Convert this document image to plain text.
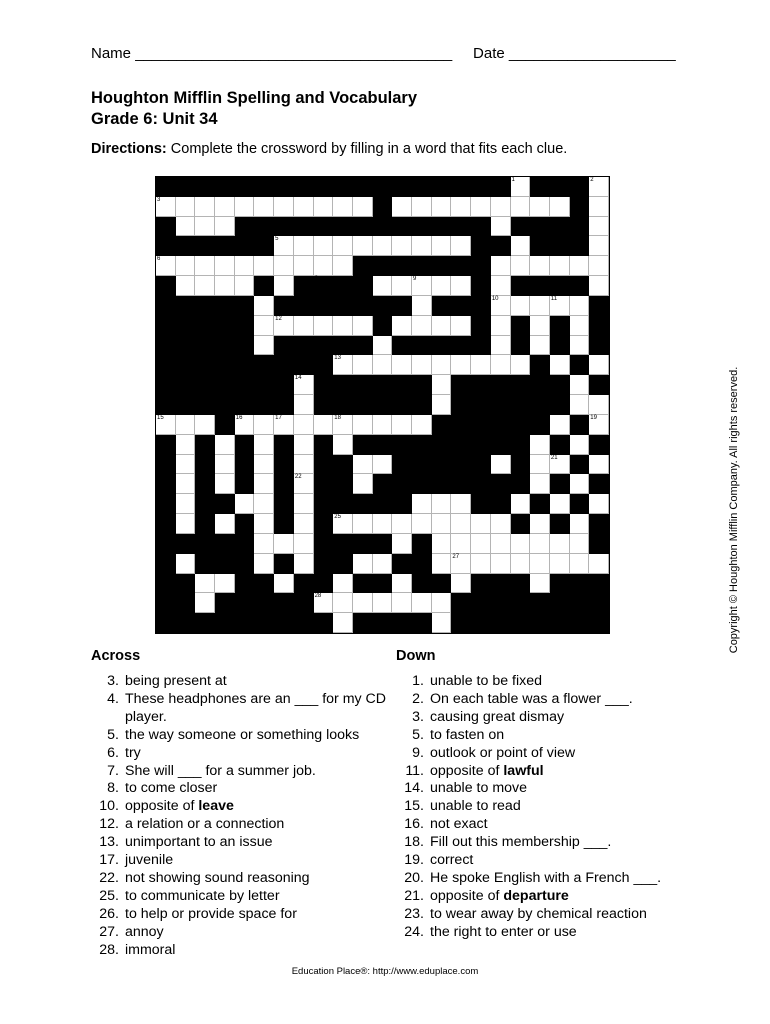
Name ______________________________________ Date ____________________
Houghton Mifflin Spelling and Vocabulary
Grade 6: Unit 34
Directions: Complete the crossword by filling in a word that fits each clue.
1	2
3	4
5
6	7
8	9
10	11
12
13
14
15	16	17	18	19
20	21
22
23
24	25
26	27
28
Across	Down
3. being present at
4. These headphones are an ___ for my CD player.
5. the way someone or something looks
6. try
7. She will ___ for a summer job.
8. to come closer
10. opposite of leave
12. a relation or a connection
13. unimportant to an issue
17. juvenile
22. not showing sound reasoning
25. to communicate by letter
26. to help or provide space for
27. annoy
28. immoral
1. unable to be fixed
2. On each table was a flower ___.
3. causing great dismay
5. to fasten on
9. outlook or point of view
11. opposite of lawful
14. unable to move
15. unable to read
16. not exact
18. Fill out this membership ___.
19. correct
20. He spoke English with a French ___.
21. opposite of departure
23. to wear away by chemical reaction
24. the right to enter or use
Copyright © Houghton Mifflin Company. All rights reserved.
Education Place®: http://www.eduplace.com
